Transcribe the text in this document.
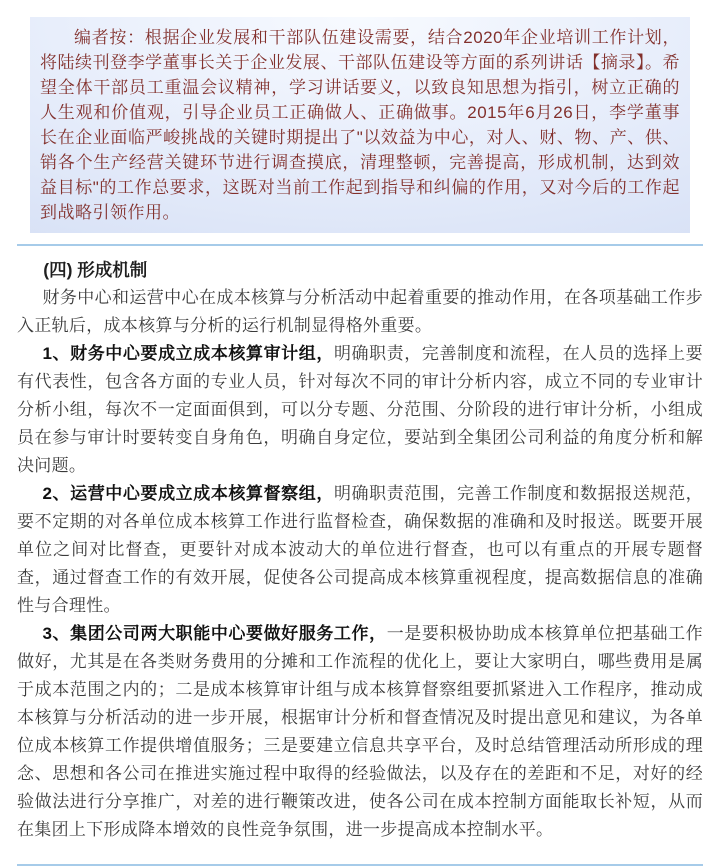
编者按：根据企业发展和干部队伍建设需要，结合2020年企业培训工作计划，将陆续刊登李学董事长关于企业发展、干部队伍建设等方面的系列讲话【摘录】。希望全体干部员工重温会议精神，学习讲话要义，以致良知思想为指引，树立正确的人生观和价值观，引导企业员工正确做人、正确做事。2015年6月26日，李学董事长在企业面临严峻挑战的关键时期提出了"以效益为中心，对人、财、物、产、供、销各个生产经营关键环节进行调查摸底，清理整顿，完善提高，形成机制，达到效益目标"的工作总要求，这既对当前工作起到指导和纠偏的作用，又对今后的工作起到战略引领作用。

(四) 形成机制

财务中心和运营中心在成本核算与分析活动中起着重要的推动作用，在各项基础工作步入正轨后，成本核算与分析的运行机制显得格外重要。

1、财务中心要成立成本核算审计组，明确职责，完善制度和流程，在人员的选择上要有代表性，包含各方面的专业人员，针对每次不同的审计分析内容，成立不同的专业审计分析小组，每次不一定面面俱到，可以分专题、分范围、分阶段的进行审计分析，小组成员在参与审计时要转变自身角色，明确自身定位，要站到全集团公司利益的角度分析和解决问题。

2、运营中心要成立成本核算督察组，明确职责范围，完善工作制度和数据报送规范，要不定期的对各单位成本核算工作进行监督检查，确保数据的准确和及时报送。既要开展单位之间对比督查，更要针对成本波动大的单位进行督查，也可以有重点的开展专题督查，通过督查工作的有效开展，促使各公司提高成本核算重视程度，提高数据信息的准确性与合理性。

3、集团公司两大职能中心要做好服务工作，一是要积极协助成本核算单位把基础工作做好，尤其是在各类财务费用的分摊和工作流程的优化上，要让大家明白，哪些费用是属于成本范围之内的；二是成本核算审计组与成本核算督察组要抓紧进入工作程序，推动成本核算与分析活动的进一步开展，根据审计分析和督查情况及时提出意见和建议，为各单位成本核算工作提供增值服务；三是要建立信息共享平台，及时总结管理活动所形成的理念、思想和各公司在推进实施过程中取得的经验做法，以及存在的差距和不足，对好的经验做法进行分享推广，对差的进行鞭策改进，使各公司在成本控制方面能取长补短，从而在集团上下形成降本增效的良性竞争氛围，进一步提高成本控制水平。
